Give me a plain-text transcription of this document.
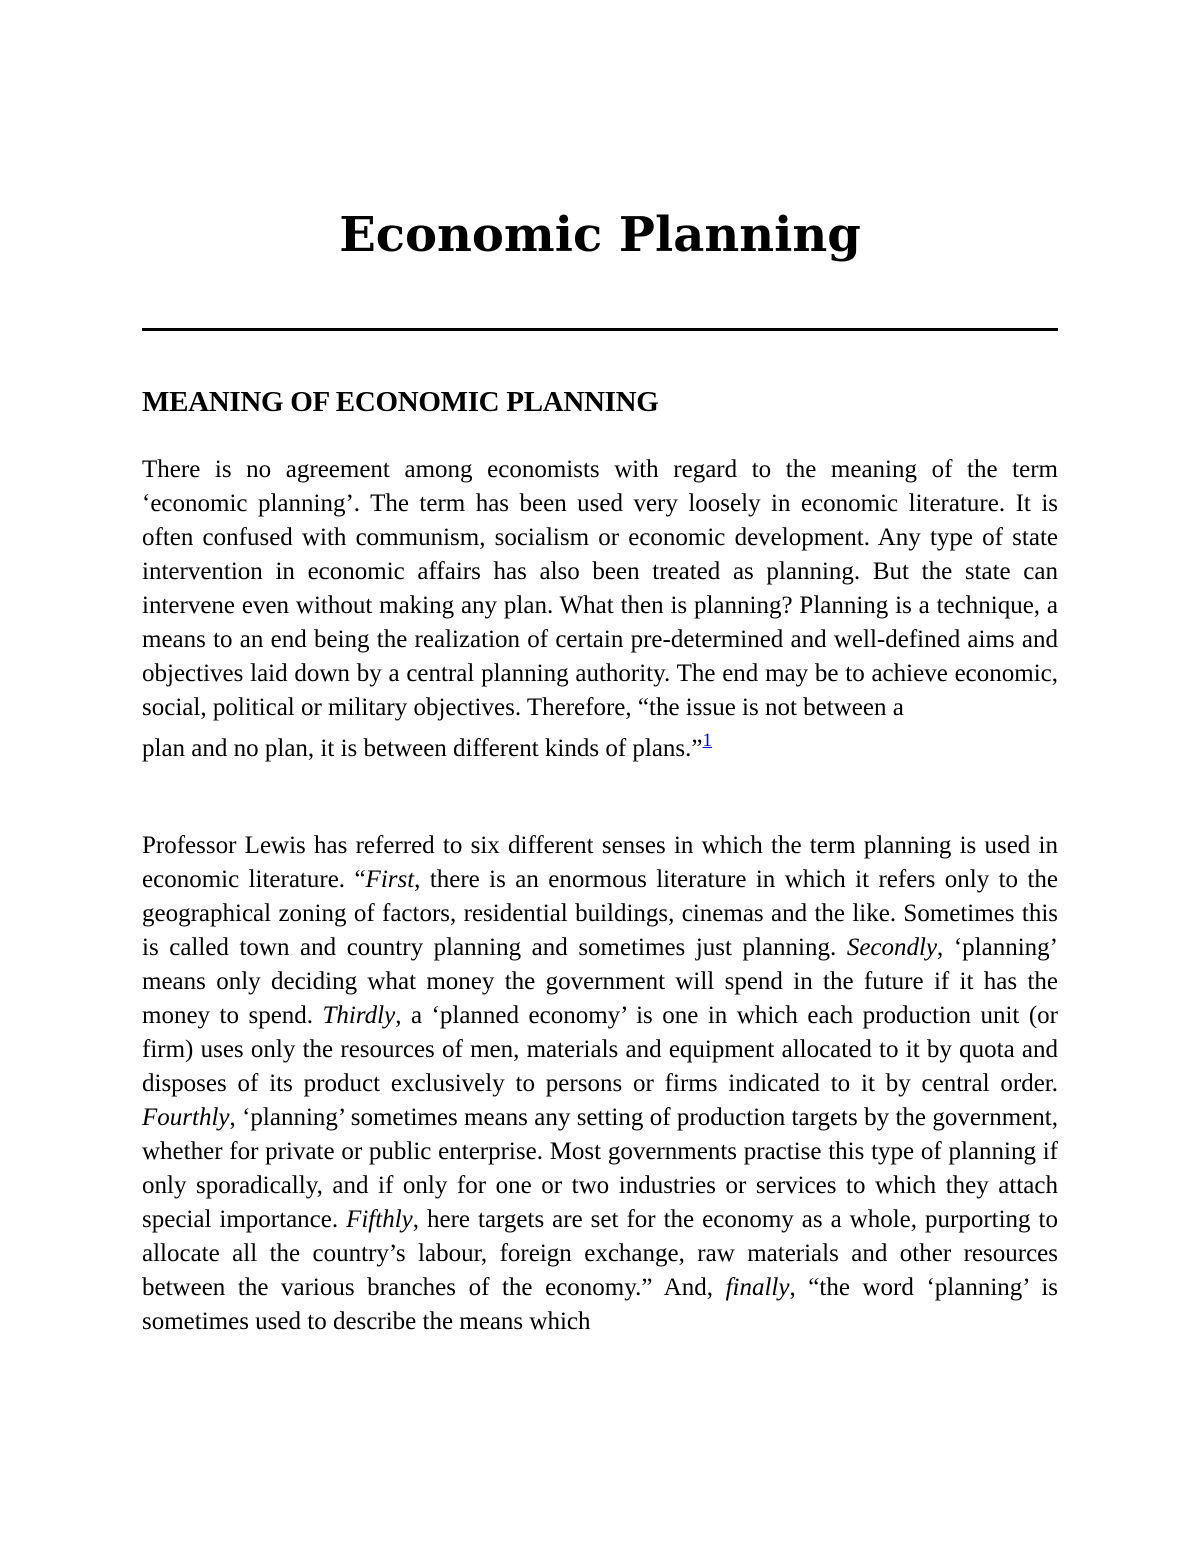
Economic Planning
MEANING OF ECONOMIC PLANNING

There is no agreement among economists with regard to the meaning of the term ‘economic planning’. The term has been used very loosely in economic literature. It is often confused with communism, socialism or economic development. Any type of state intervention in economic affairs has also been treated as planning. But the state can intervene even without making any plan. What then is planning? Planning is a technique, a means to an end being the realization of certain pre-determined and well-defined aims and objectives laid down by a central planning authority. The end may be to achieve economic, social, political or military objectives. Therefore, “the issue is not between a
plan and no plan, it is between different kinds of plans.”$^1$

Professor Lewis has referred to six different senses in which the term planning is used in economic literature. “First, there is an enormous literature in which it refers only to the geographical zoning of factors, residential buildings, cinemas and the like. Sometimes this is called town and country planning and sometimes just planning. Secondly, ‘planning’ means only deciding what money the government will spend in the future if it has the money to spend. Thirdly, a ‘planned economy’ is one in which each production unit (or firm) uses only the resources of men, materials and equipment allocated to it by quota and disposes of its product exclusively to persons or firms indicated to it by central order. Fourthly, ‘planning’ sometimes means any setting of production targets by the government, whether for private or public enterprise. Most governments practise this type of planning if only sporadically, and if only for one or two industries or services to which they attach special importance. Fifthly, here targets are set for the economy as a whole, purporting to allocate all the country’s labour, foreign exchange, raw materials and other resources between the various branches of the economy.” And, finally, “the word ‘planning’ is sometimes used to describe the means which
